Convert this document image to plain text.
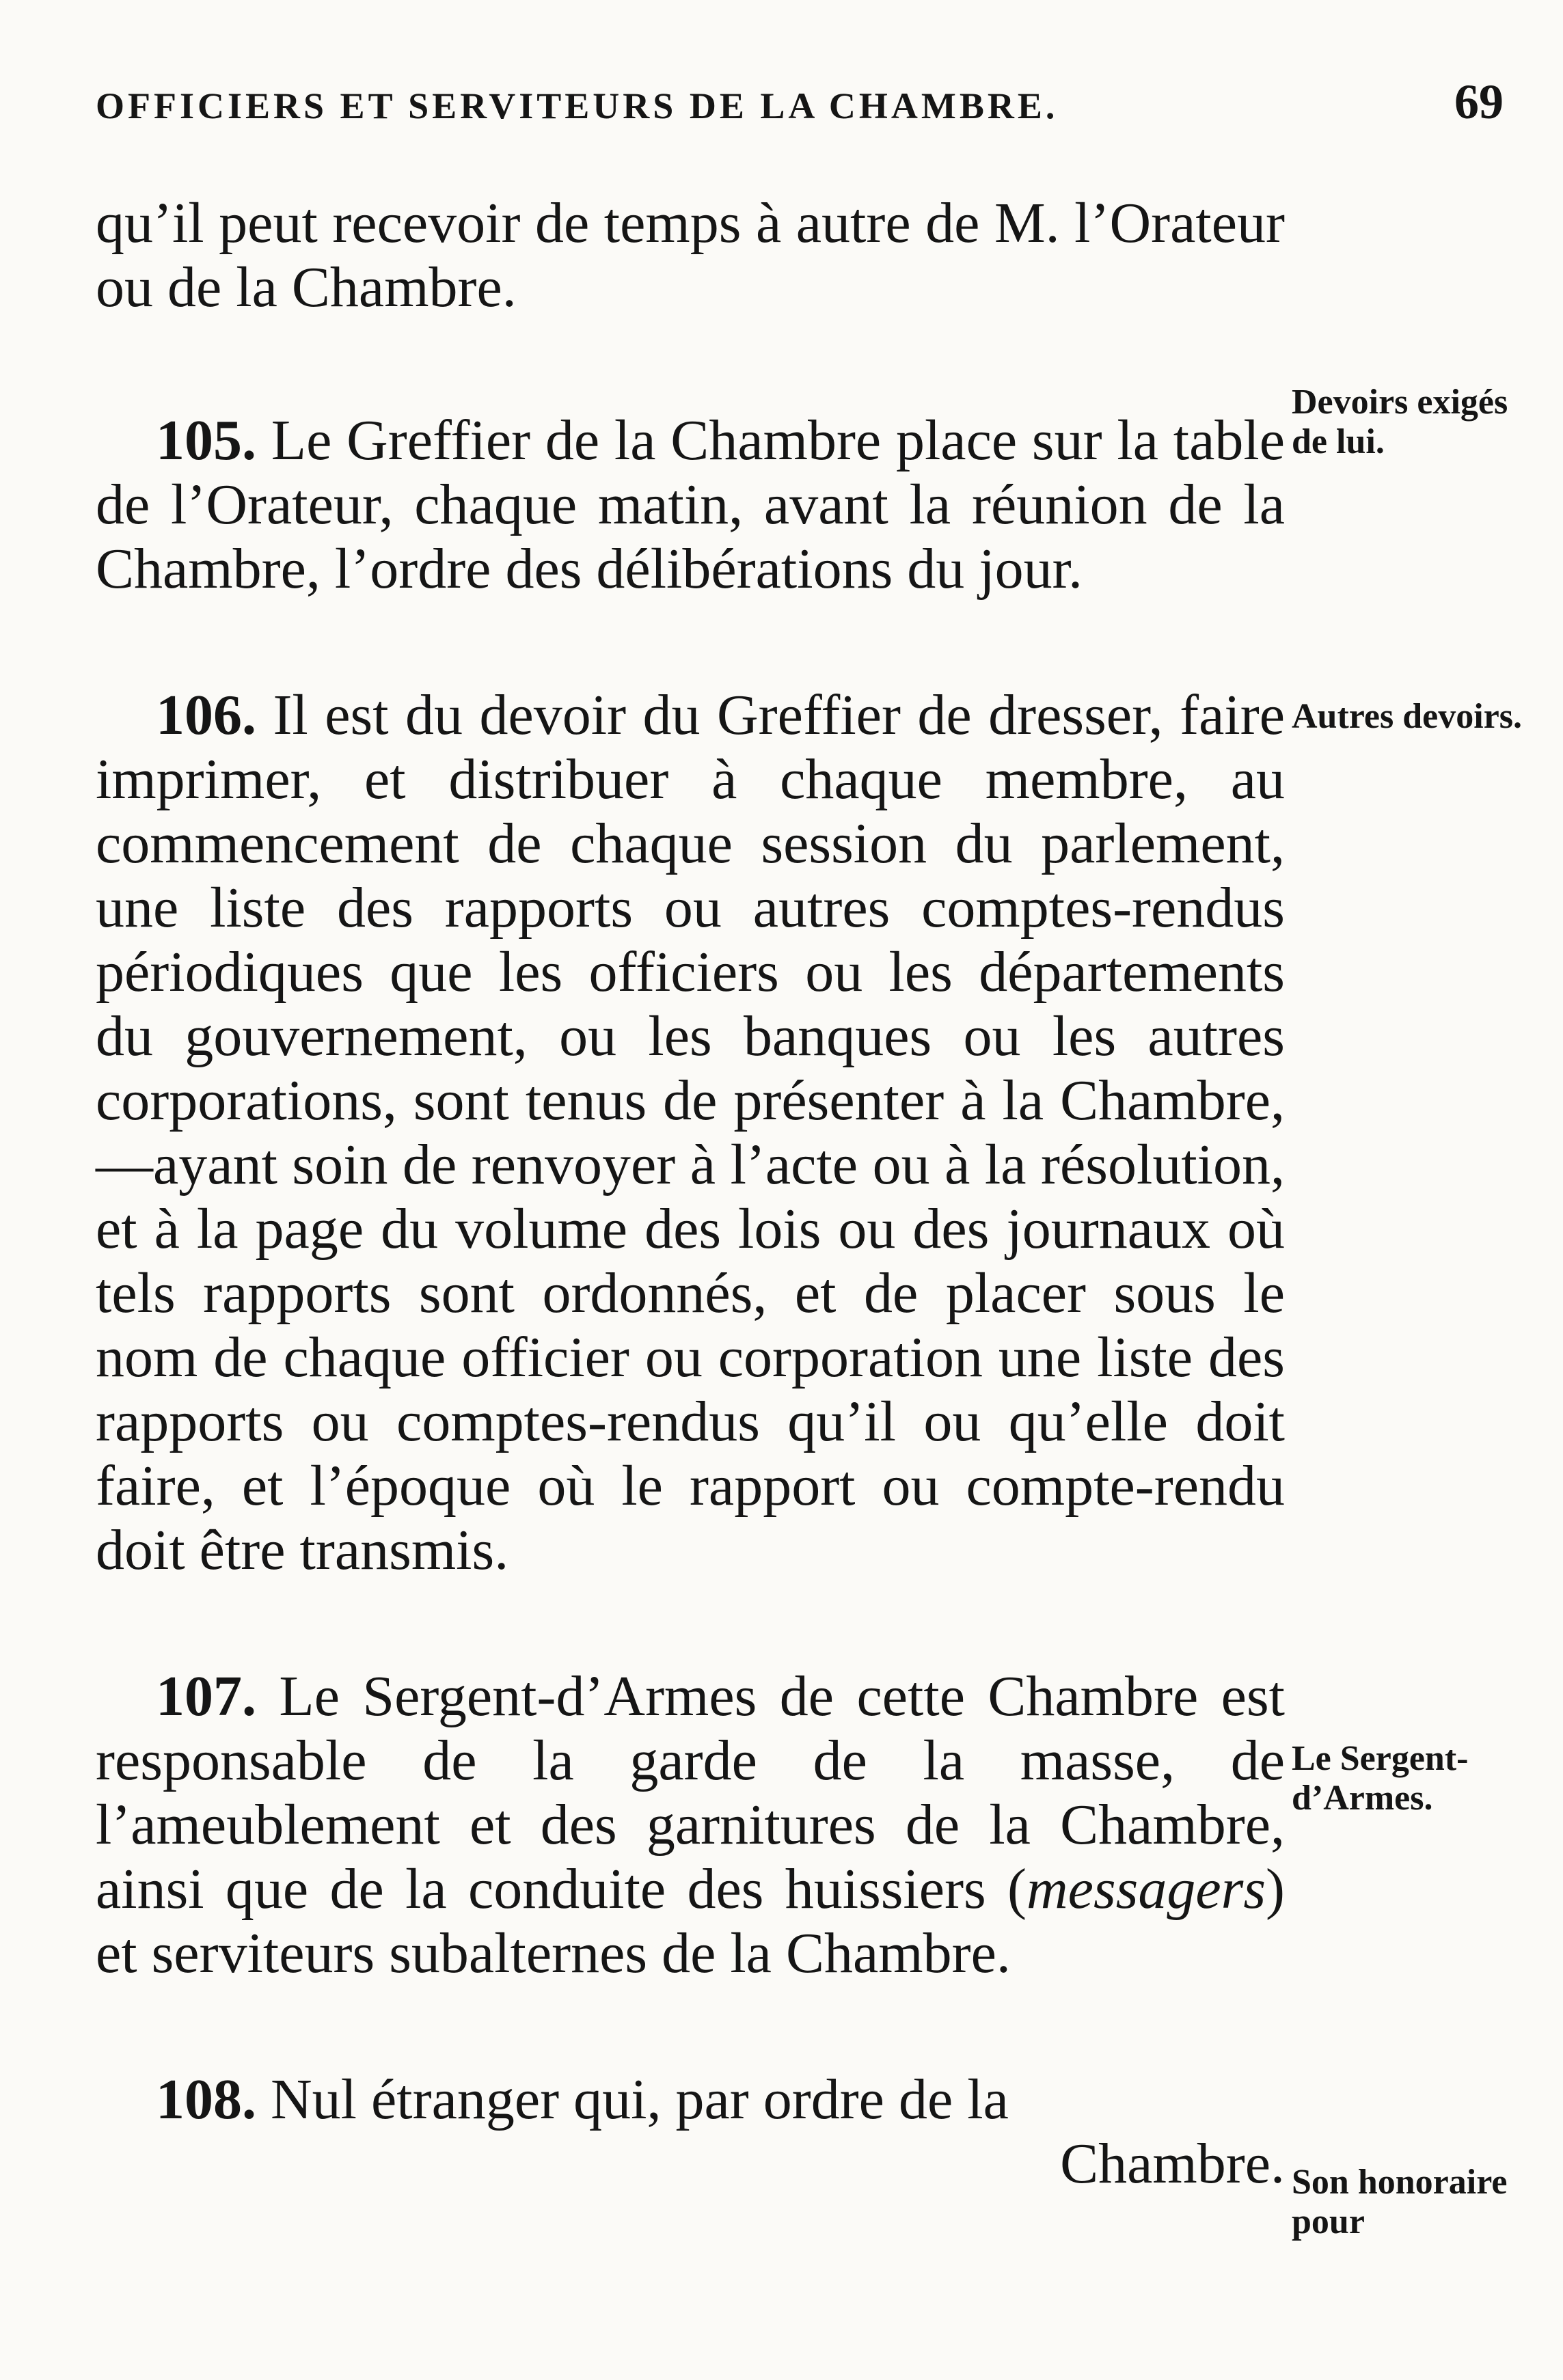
OFFICIERS ET SERVITEURS DE LA CHAMBRE.	69

qu’il peut recevoir de temps à autre de M. l’Orateur ou de la Chambre.

105. Le Greffier de la Chambre place sur la table de l’Orateur, chaque matin, avant la réunion de la Chambre, l’ordre des délibérations du jour.

106. Il est du devoir du Greffier de dresser, faire imprimer, et distribuer à chaque membre, au commencement de chaque session du parlement, une liste des rapports ou autres comptes-rendus périodiques que les officiers ou les départements du gouvernement, ou les banques ou les autres corporations, sont tenus de présenter à la Chambre,—ayant soin de renvoyer à l’acte ou à la résolution, et à la page du volume des lois ou des journaux où tels rapports sont ordonnés, et de placer sous le nom de chaque officier ou corporation une liste des rapports ou comptes-rendus qu’il ou qu’elle doit faire, et l’époque où le rapport ou compte-rendu doit être transmis.

107. Le Sergent-d’Armes de cette Chambre est responsable de la garde de la masse, de l’ameublement et des garnitures de la Chambre, ainsi que de la conduite des huissiers (messagers) et serviteurs subalternes de la Chambre.

108. Nul étranger qui, par ordre de la
Chambre.
Devoirs exigés de lui.
Autres devoirs.
Le Sergent-d’Armes.
Son honoraire pour
